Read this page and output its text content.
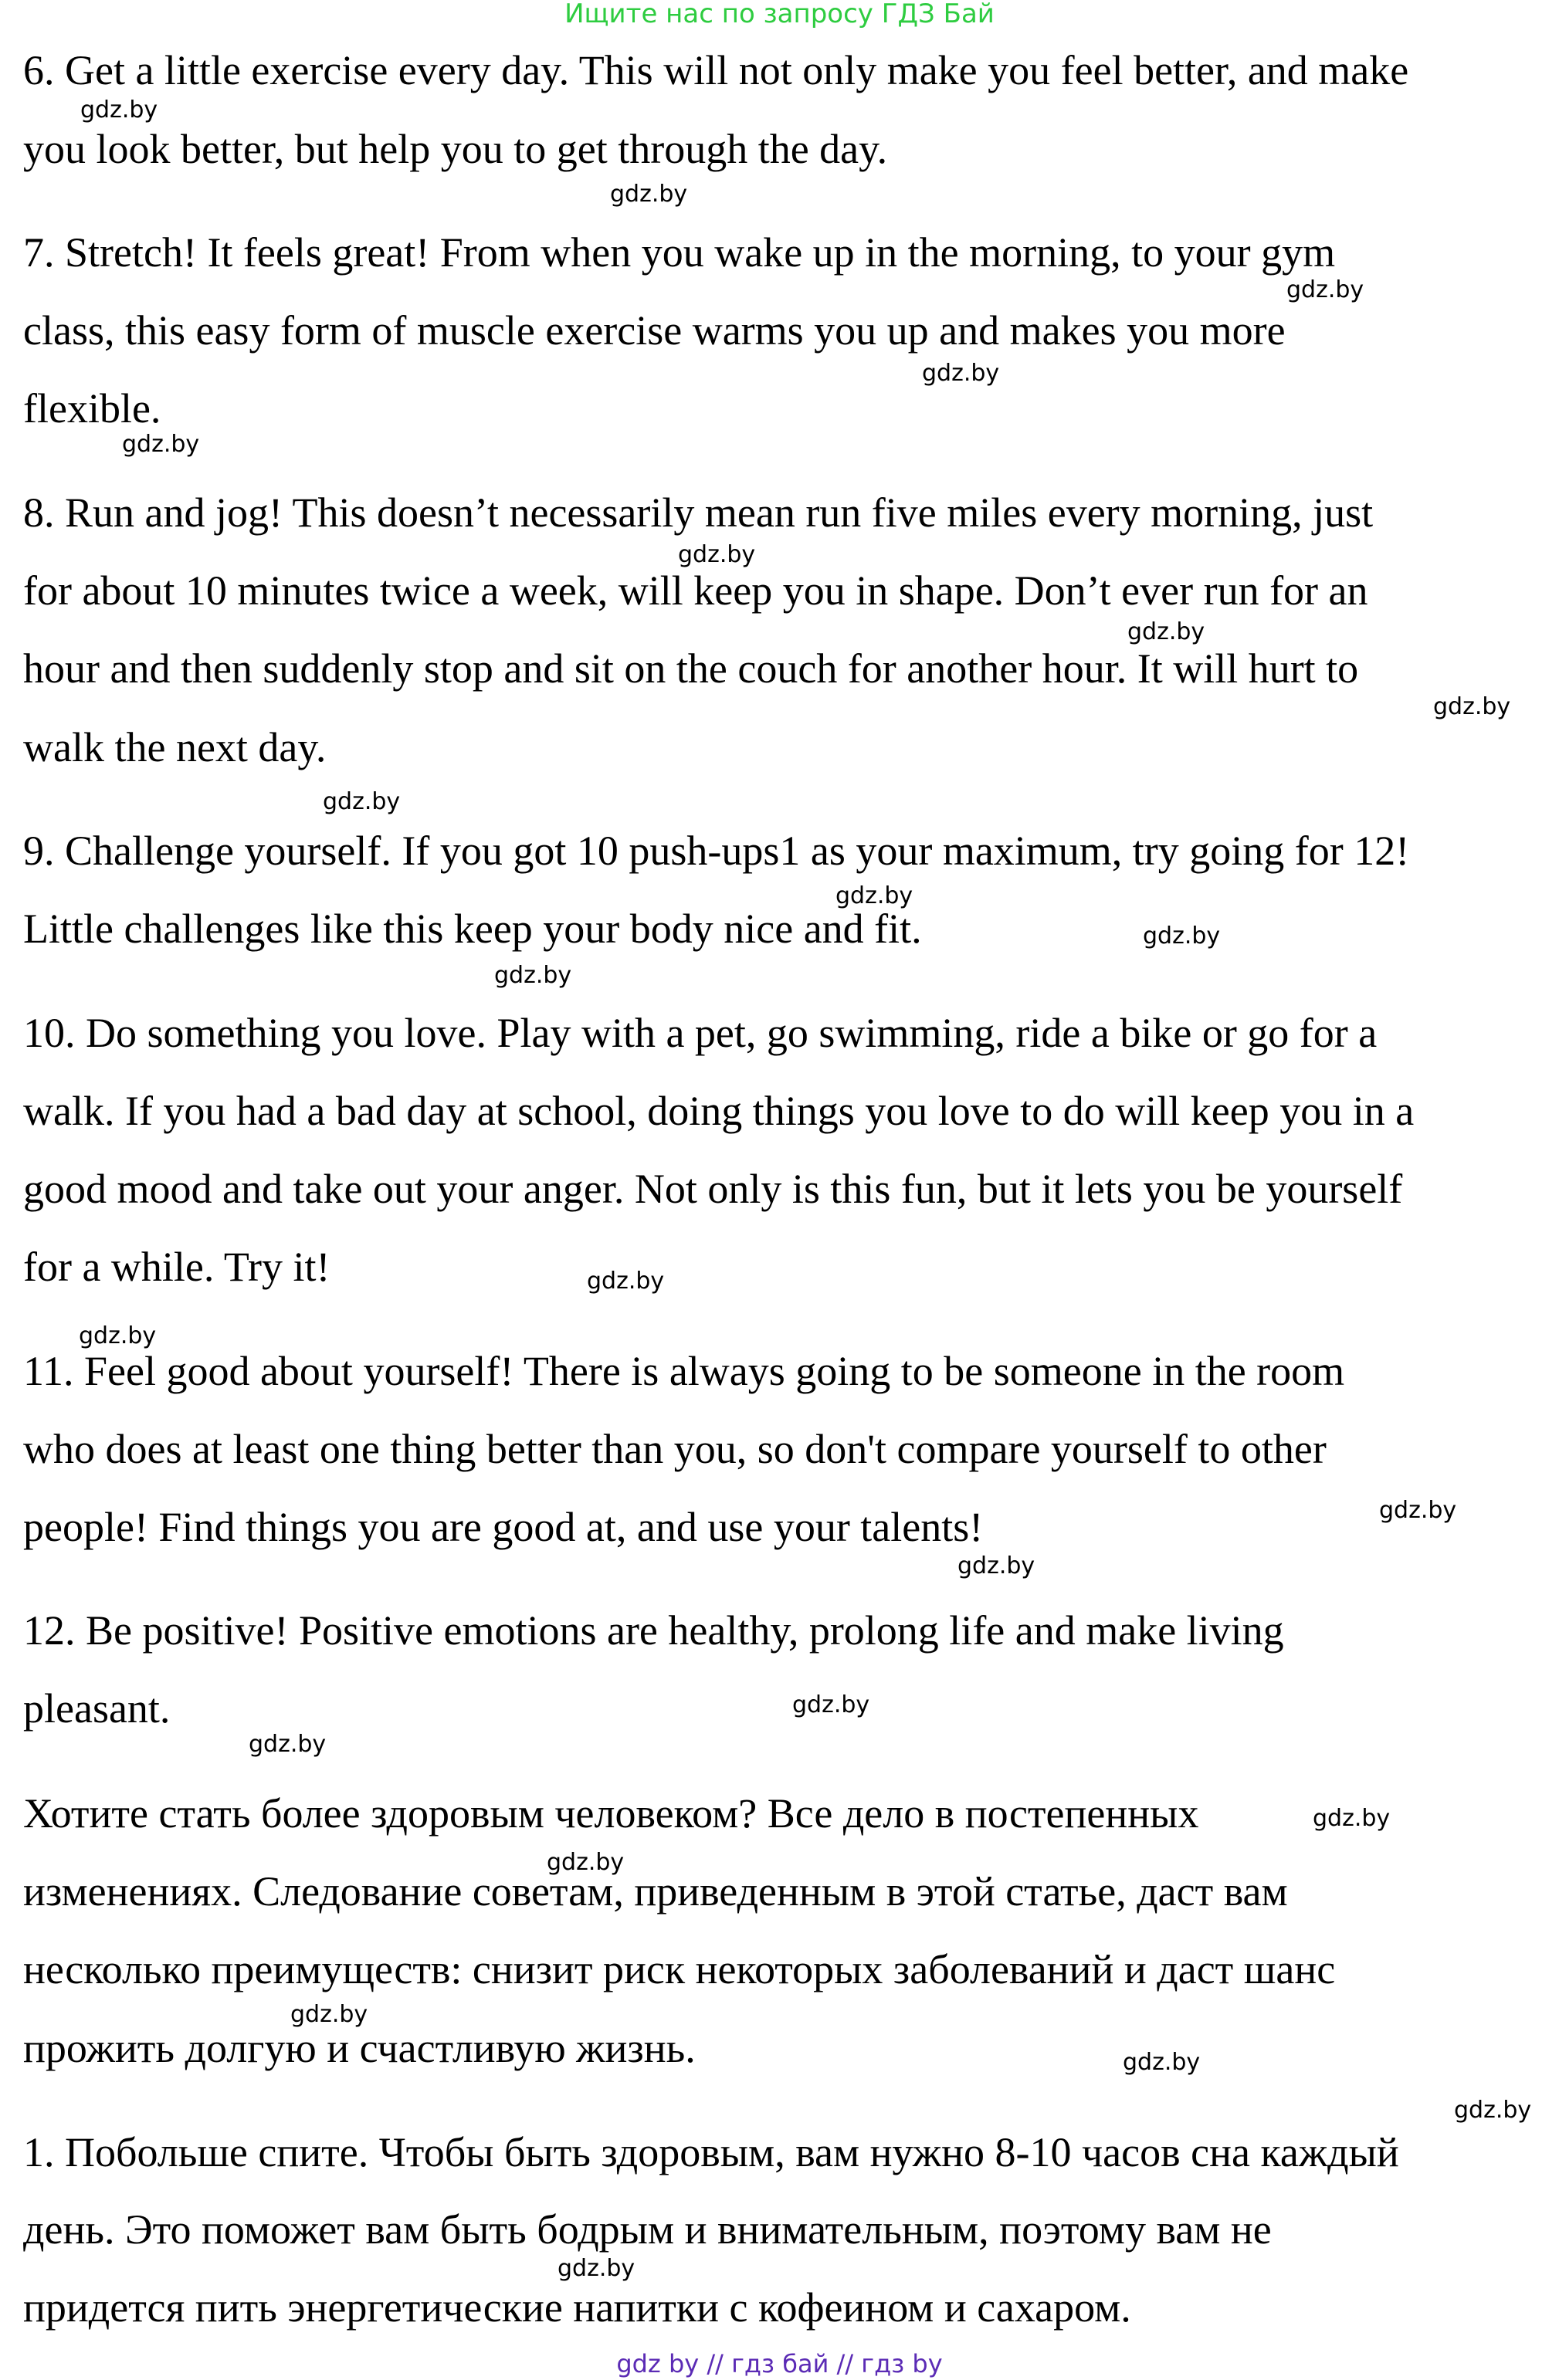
Ищите нас по запросу ГДЗ Бай
6. Get a little exercise every day. This will not only make you feel better, and make
you look better, but help you to get through the day.
7. Stretch! It feels great! From when you wake up in the morning, to your gym
class, this easy form of muscle exercise warms you up and makes you more
flexible.
8. Run and jog! This doesn’t necessarily mean run five miles every morning, just
for about 10 minutes twice a week, will keep you in shape. Don’t ever run for an
hour and then suddenly stop and sit on the couch for another hour. It will hurt to
walk the next day.
9. Challenge yourself. If you got 10 push-ups1 as your maximum, try going for 12!
Little challenges like this keep your body nice and fit.
10. Do something you love. Play with a pet, go swimming, ride a bike or go for a
walk. If you had a bad day at school, doing things you love to do will keep you in a
good mood and take out your anger. Not only is this fun, but it lets you be yourself
for a while. Try it!
11. Feel good about yourself! There is always going to be someone in the room
who does at least one thing better than you, so don't compare yourself to other
people! Find things you are good at, and use your talents!
12. Be positive! Positive emotions are healthy, prolong life and make living
pleasant.
Хотите стать более здоровым человеком? Все дело в постепенных
изменениях. Следование советам, приведенным в этой статье, даст вам
несколько преимуществ: снизит риск некоторых заболеваний и даст шанс
прожить долгую и счастливую жизнь.
1. Побольше спите. Чтобы быть здоровым, вам нужно 8-10 часов сна каждый
день. Это поможет вам быть бодрым и внимательным, поэтому вам не
придется пить энергетические напитки с кофеином и сахаром.
gdz.by
gdz.by
gdz.by
gdz.by
gdz.by
gdz.by
gdz.by
gdz.by
gdz.by
gdz.by
gdz.by
gdz.by
gdz.by
gdz.by
gdz.by
gdz.by
gdz.by
gdz.by
gdz.by
gdz.by
gdz.by
gdz.by
gdz.by
gdz.by
gdz by // гдз бай // гдз by
